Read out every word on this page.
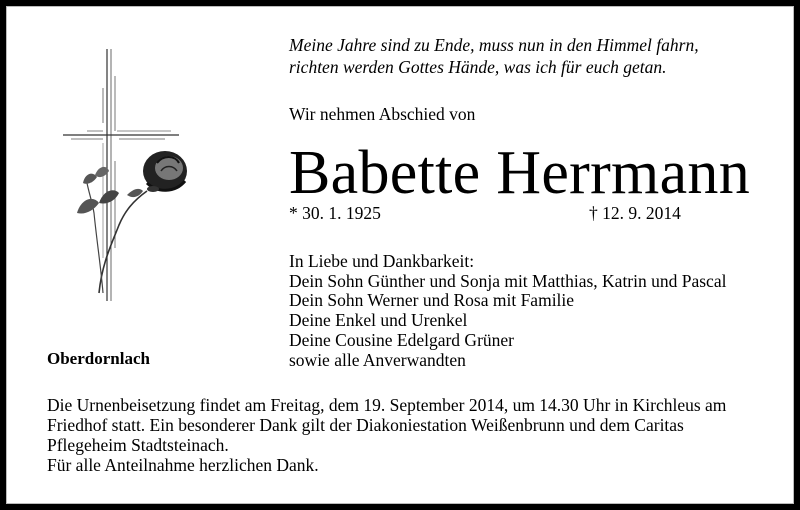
Meine Jahre sind zu Ende, muss nun in den Himmel fahrn,
richten werden Gottes Hände, was ich für euch getan.
Wir nehmen Abschied von
Babette Herrmann
* 30. 1. 1925	† 12. 9. 2014
In Liebe und Dankbarkeit:
Dein Sohn Günther und Sonja mit Matthias, Katrin und Pascal
Dein Sohn Werner und Rosa mit Familie
Deine Enkel und Urenkel
Deine Cousine Edelgard Grüner
sowie alle Anverwandten
Oberdornlach
Die Urnenbeisetzung findet am Freitag, dem 19. September 2014, um 14.30 Uhr in Kirchleus am
Friedhof statt. Ein besonderer Dank gilt der Diakoniestation Weißenbrunn und dem Caritas
Pflegeheim Stadtsteinach.
Für alle Anteilnahme herzlichen Dank.
